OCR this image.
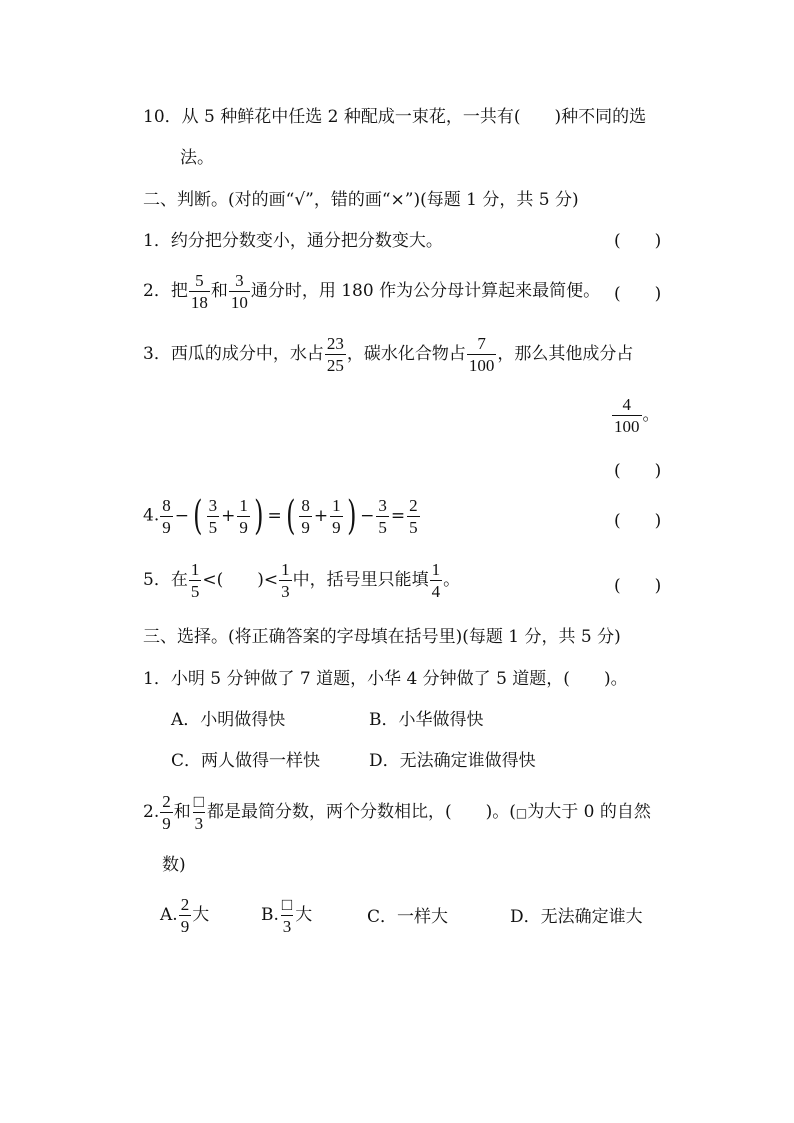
10．从 5 种鲜花中任选 2 种配成一束花，一共有(　　)种不同的选
法。
二、判断。(对的画“√”，错的画“×”)(每题 1 分，共 5 分)
1．约分把分数变小，通分把分数变大。	(　　)
2．把 $\frac{5}{18}$ 和 $\frac{3}{10}$ 通分时，用 180 作为公分母计算起来最简便。 (　　)
3．西瓜的成分中，水占 $\frac{23}{25}$ ，碳水化合物占 $\frac{7}{100}$ ，那么其他成分占
$\frac{4}{100}$ 。
(　　)
4. $\frac{8}{9}$ − ( $\frac{3}{5} + \frac{1}{9}$ ) = ( $\frac{8}{9} + \frac{1}{9}$ ) − $\frac{3}{5} = \frac{2}{5}$	(　　)
5．在 $\frac{1}{5}$ <(　　)< $\frac{1}{3}$ 中，括号里只能填 $\frac{1}{4}$ 。	(　　)
三、选择。(将正确答案的字母填在括号里)(每题 1 分，共 5 分)
1．小明 5 分钟做了 7 道题，小华 4 分钟做了 5 道题，(　　)。
A．小明做得快	B．小华做得快
C．两人做得一样快	D．无法确定谁做得快
2. $\frac{2}{9}$ 和 $\frac{□}{3}$ 都是最简分数，两个分数相比，(　　)。(□为大于 0 的自然
数)
A. $\frac{2}{9}$ 大	B. $\frac{□}{3}$ 大	C．一样大	D．无法确定谁大
